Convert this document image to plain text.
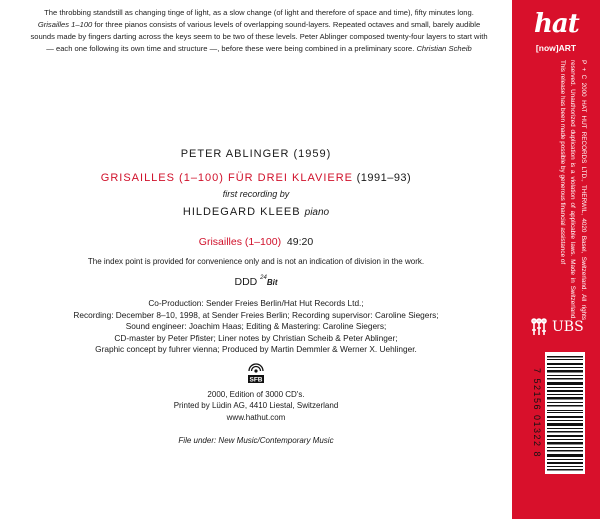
The throbbing standstill as changing tinge of light, as a slow change (of light and therefore of space and time), fifty minutes long. Grisailles 1–100 for three pianos consists of various levels of overlapping sound-layers. Repeated octaves and small, barely audible sounds made by fingers darting across the keys seem to be two of these levels. Peter Ablinger composed twenty-four layers to start with — each one following its own time and structure —, before these were being combined in a preliminary score. Christian Scheib
PETER ABLINGER (1959)
GRISAILLES (1–100) FÜR DREI KLAVIERE (1991–93)
first recording by
HILDEGARD KLEEB piano
Grisailles (1–100) 49:20
The index point is provided for convenience only and is not an indication of division in the work.
DDD $^{24}$Bit
Co-Production: Sender Freies Berlin/Hat Hut Records Ltd.;
Recording: December 8–10, 1998, at Sender Freies Berlin; Recording supervisor: Caroline Siegers;
Sound engineer: Joachim Haas; Editing & Mastering: Caroline Siegers;
CD-master by Peter Pfister; Liner notes by Christian Scheib & Peter Ablinger;
Graphic concept by fuhrer vienna; Produced by Martin Demmler & Werner X. Uehlinger.
SFB
2000, Edition of 3000 CD's.
Printed by Lüdin AG, 4410 Liestal, Switzerland
www.hathut.com
File under: New Music/Contemporary Music
hat
[now]ART
P + C 2000 HAT HUT RECORDS LTD., THERWIL, 4020 Basel, Switzerland. All rights reserved. Unauthorized duplication is a violation of applicable laws. Made in Switzerland. This release has been made possible by generous financial assistance of
UBS
7 52156 01322 8
